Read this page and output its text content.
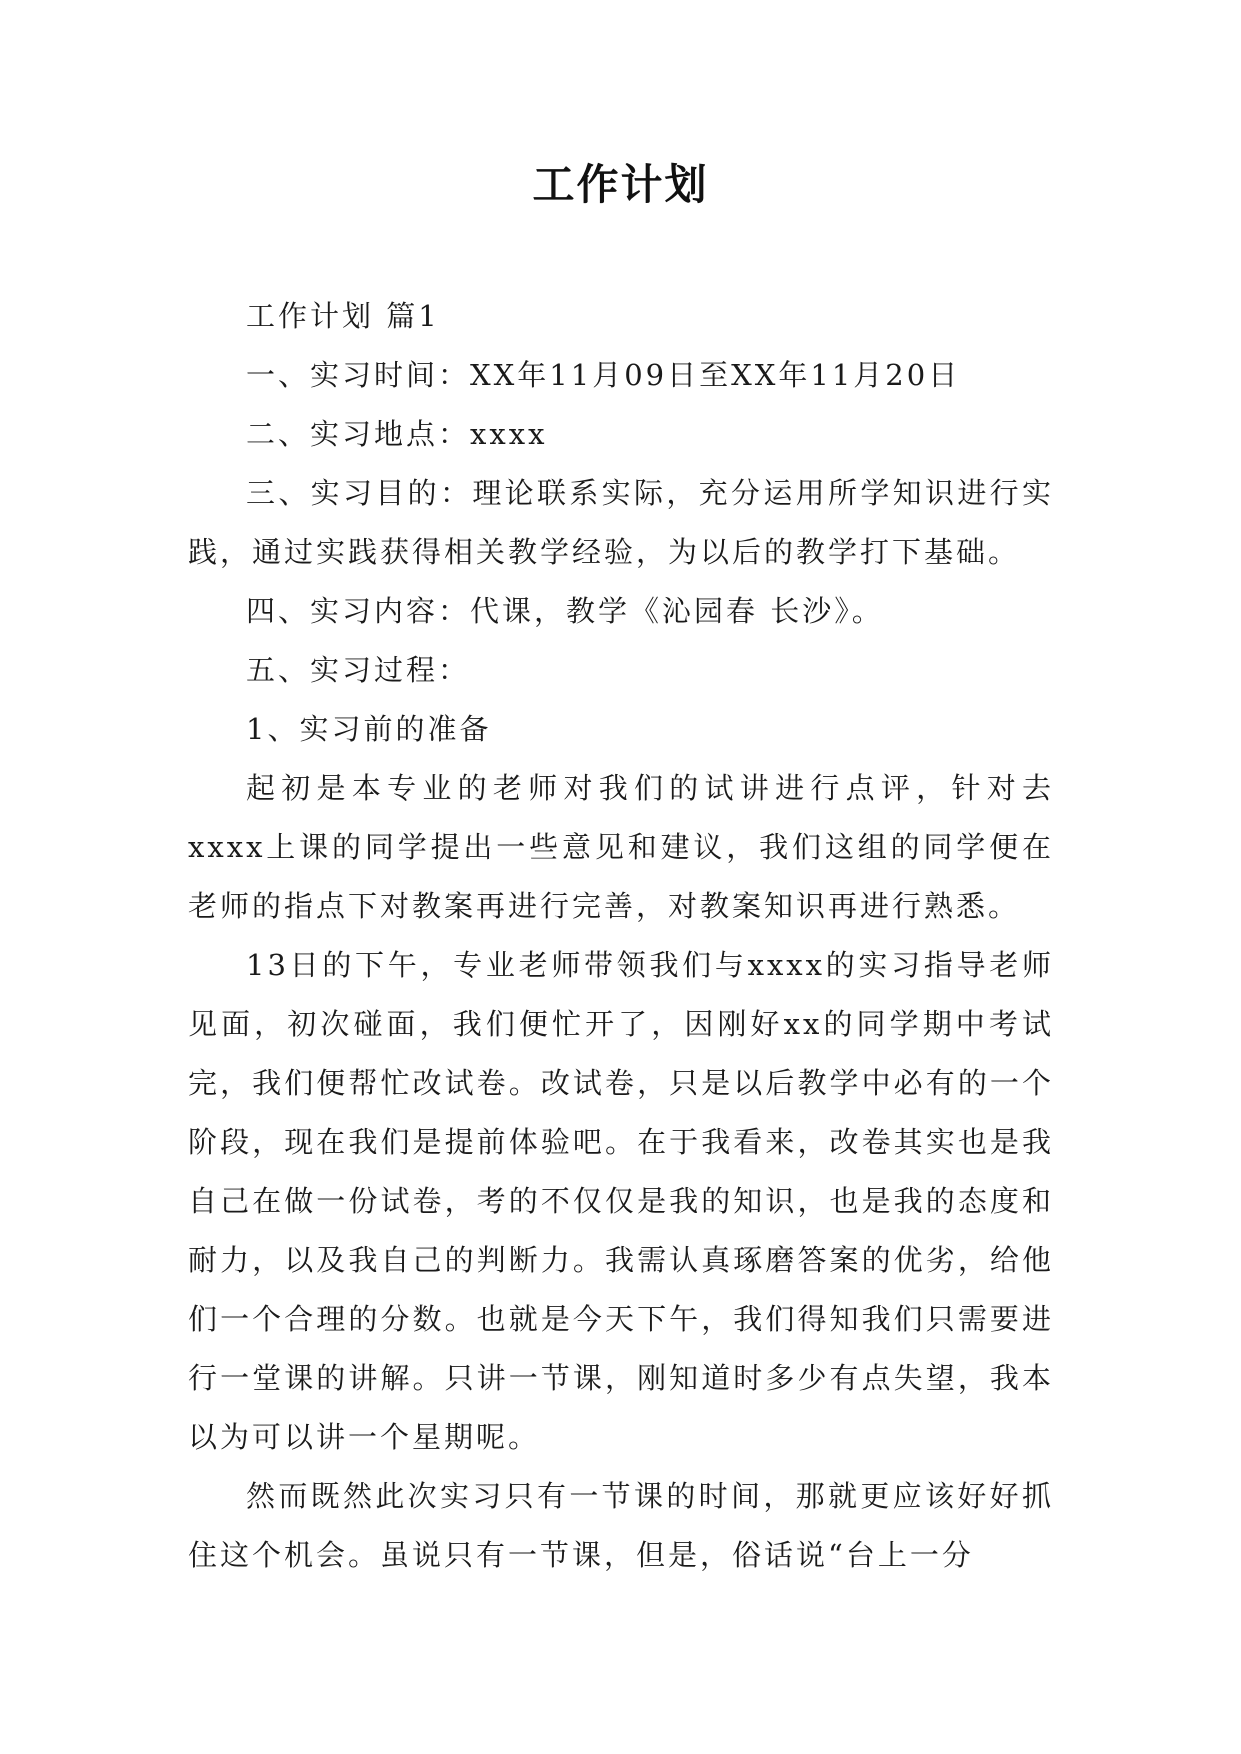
工作计划

工作计划 篇1

一、实习时间：XX年11月09日至XX年11月20日

二、实习地点：xxxx

三、实习目的：理论联系实际，充分运用所学知识进行实践，通过实践获得相关教学经验，为以后的教学打下基础。

四、实习内容：代课，教学《沁园春 长沙》。

五、实习过程：

1、实习前的准备

起初是本专业的老师对我们的试讲进行点评，针对去xxxx上课的同学提出一些意见和建议，我们这组的同学便在老师的指点下对教案再进行完善，对教案知识再进行熟悉。

13日的下午，专业老师带领我们与xxxx的实习指导老师见面，初次碰面，我们便忙开了，因刚好xx的同学期中考试完，我们便帮忙改试卷。改试卷，只是以后教学中必有的一个阶段，现在我们是提前体验吧。在于我看来，改卷其实也是我自己在做一份试卷，考的不仅仅是我的知识，也是我的态度和耐力，以及我自己的判断力。我需认真琢磨答案的优劣，给他们一个合理的分数。也就是今天下午，我们得知我们只需要进行一堂课的讲解。只讲一节课，刚知道时多少有点失望，我本以为可以讲一个星期呢。

然而既然此次实习只有一节课的时间，那就更应该好好抓住这个机会。虽说只有一节课，但是，俗话说“台上一分
